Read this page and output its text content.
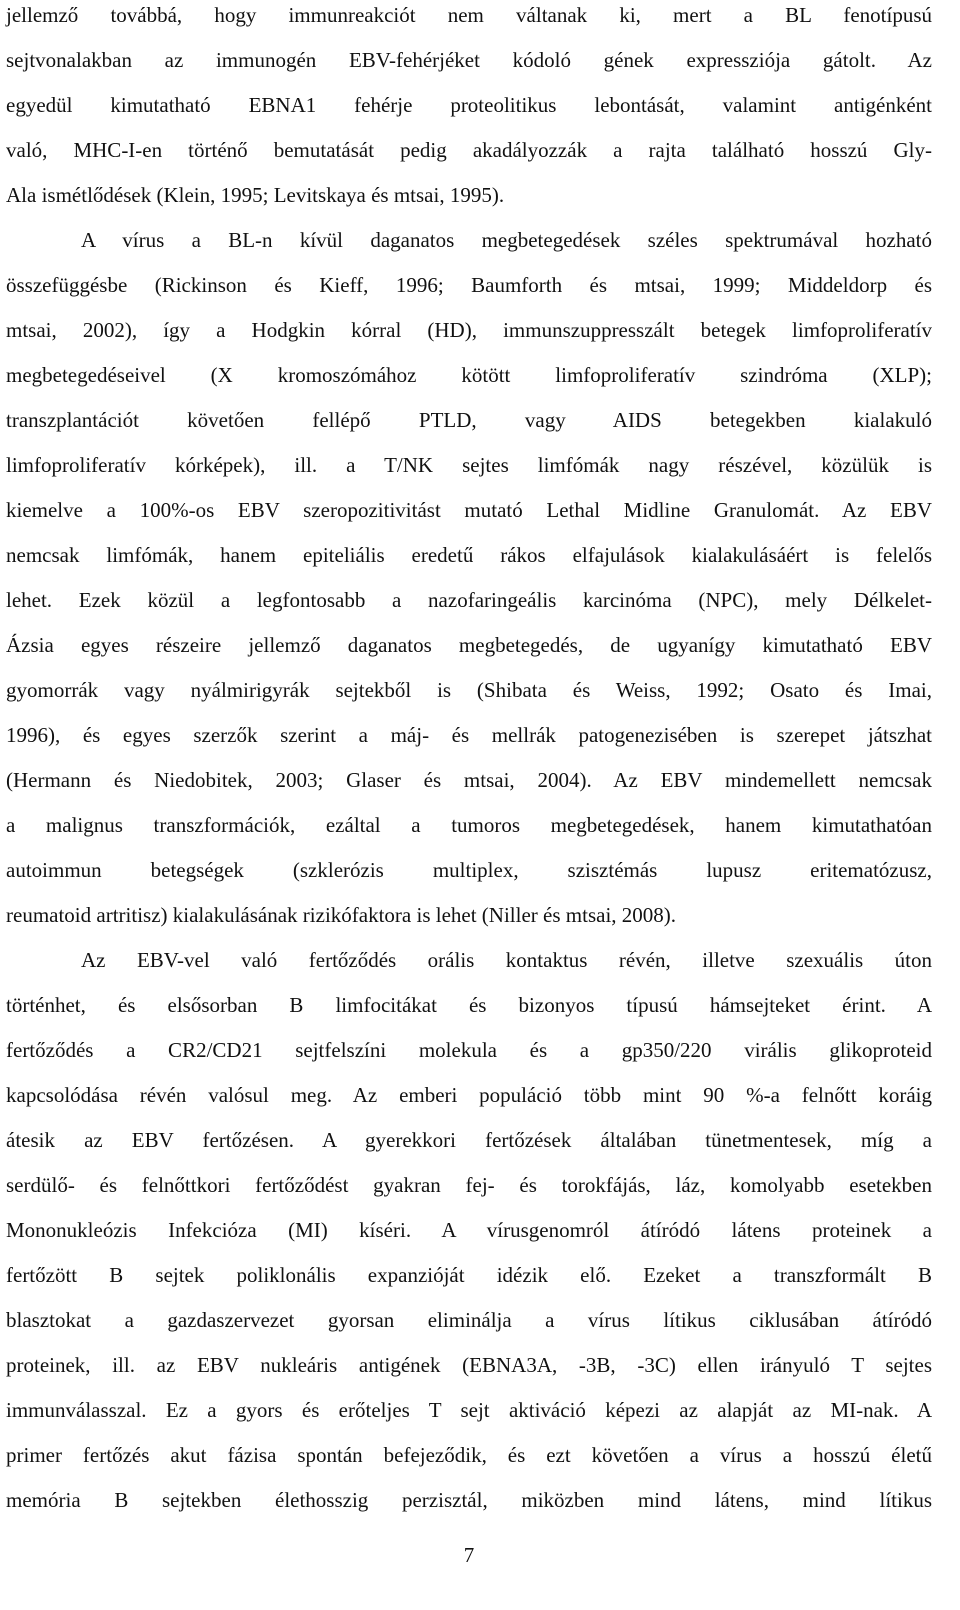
jellemző továbbá, hogy immunreakciót nem váltanak ki, mert a BL fenotípusú
sejtvonalakban az immunogén EBV-fehérjéket kódoló gének expressziója gátolt. Az
egyedül kimutatható EBNA1 fehérje proteolitikus lebontását, valamint antigénként
való, MHC-I-en történő bemutatását pedig akadályozzák a rajta található hosszú Gly-
Ala ismétlődések (Klein, 1995; Levitskaya és mtsai, 1995).
A vírus a BL-n kívül daganatos megbetegedések széles spektrumával hozható
összefüggésbe (Rickinson és Kieff, 1996; Baumforth és mtsai, 1999; Middeldorp és
mtsai, 2002), így a Hodgkin kórral (HD), immunszuppresszált betegek limfoproliferatív
megbetegedéseivel (X kromoszómához kötött limfoproliferatív szindróma (XLP);
transzplantációt követően fellépő PTLD, vagy AIDS betegekben kialakuló
limfoproliferatív kórképek), ill. a T/NK sejtes limfómák nagy részével, közülük is
kiemelve a 100%-os EBV szeropozitivitást mutató Lethal Midline Granulomát. Az EBV
nemcsak limfómák, hanem epiteliális eredetű rákos elfajulások kialakulásáért is felelős
lehet. Ezek közül a legfontosabb a nazofaringeális karcinóma (NPC), mely Délkelet-
Ázsia egyes részeire jellemző daganatos megbetegedés, de ugyanígy kimutatható EBV
gyomorrák vagy nyálmirigyrák sejtekből is (Shibata és Weiss, 1992; Osato és Imai,
1996), és egyes szerzők szerint a máj- és mellrák patogenezisében is szerepet játszhat
(Hermann és Niedobitek, 2003; Glaser és mtsai, 2004). Az EBV mindemellett nemcsak
a malignus transzformációk, ezáltal a tumoros megbetegedések, hanem kimutathatóan
autoimmun betegségek (szklerózis multiplex, szisztémás lupusz eritematózusz,
reumatoid artritisz) kialakulásának rizikófaktora is lehet (Niller és mtsai, 2008).
Az EBV-vel való fertőződés orális kontaktus révén, illetve szexuális úton
történhet, és elsősorban B limfocitákat és bizonyos típusú hámsejteket érint. A
fertőződés a CR2/CD21 sejtfelszíni molekula és a gp350/220 virális glikoproteid
kapcsolódása révén valósul meg. Az emberi populáció több mint 90 %-a felnőtt koráig
átesik az EBV fertőzésen. A gyerekkori fertőzések általában tünetmentesek, míg a
serdülő- és felnőttkori fertőződést gyakran fej- és torokfájás, láz, komolyabb esetekben
Mononukleózis Infekcióza (MI) kíséri. A vírusgenomról átíródó látens proteinek a
fertőzött B sejtek poliklonális expanzióját idézik elő. Ezeket a transzformált B
blasztokat a gazdaszervezet gyorsan eliminálja a vírus lítikus ciklusában átíródó
proteinek, ill. az EBV nukleáris antigének (EBNA3A, -3B, -3C) ellen irányuló T sejtes
immunválasszal. Ez a gyors és erőteljes T sejt aktiváció képezi az alapját az MI-nak. A
primer fertőzés akut fázisa spontán befejeződik, és ezt követően a vírus a hosszú életű
memória B sejtekben élethosszig perzisztál, miközben mind látens, mind lítikus
7
